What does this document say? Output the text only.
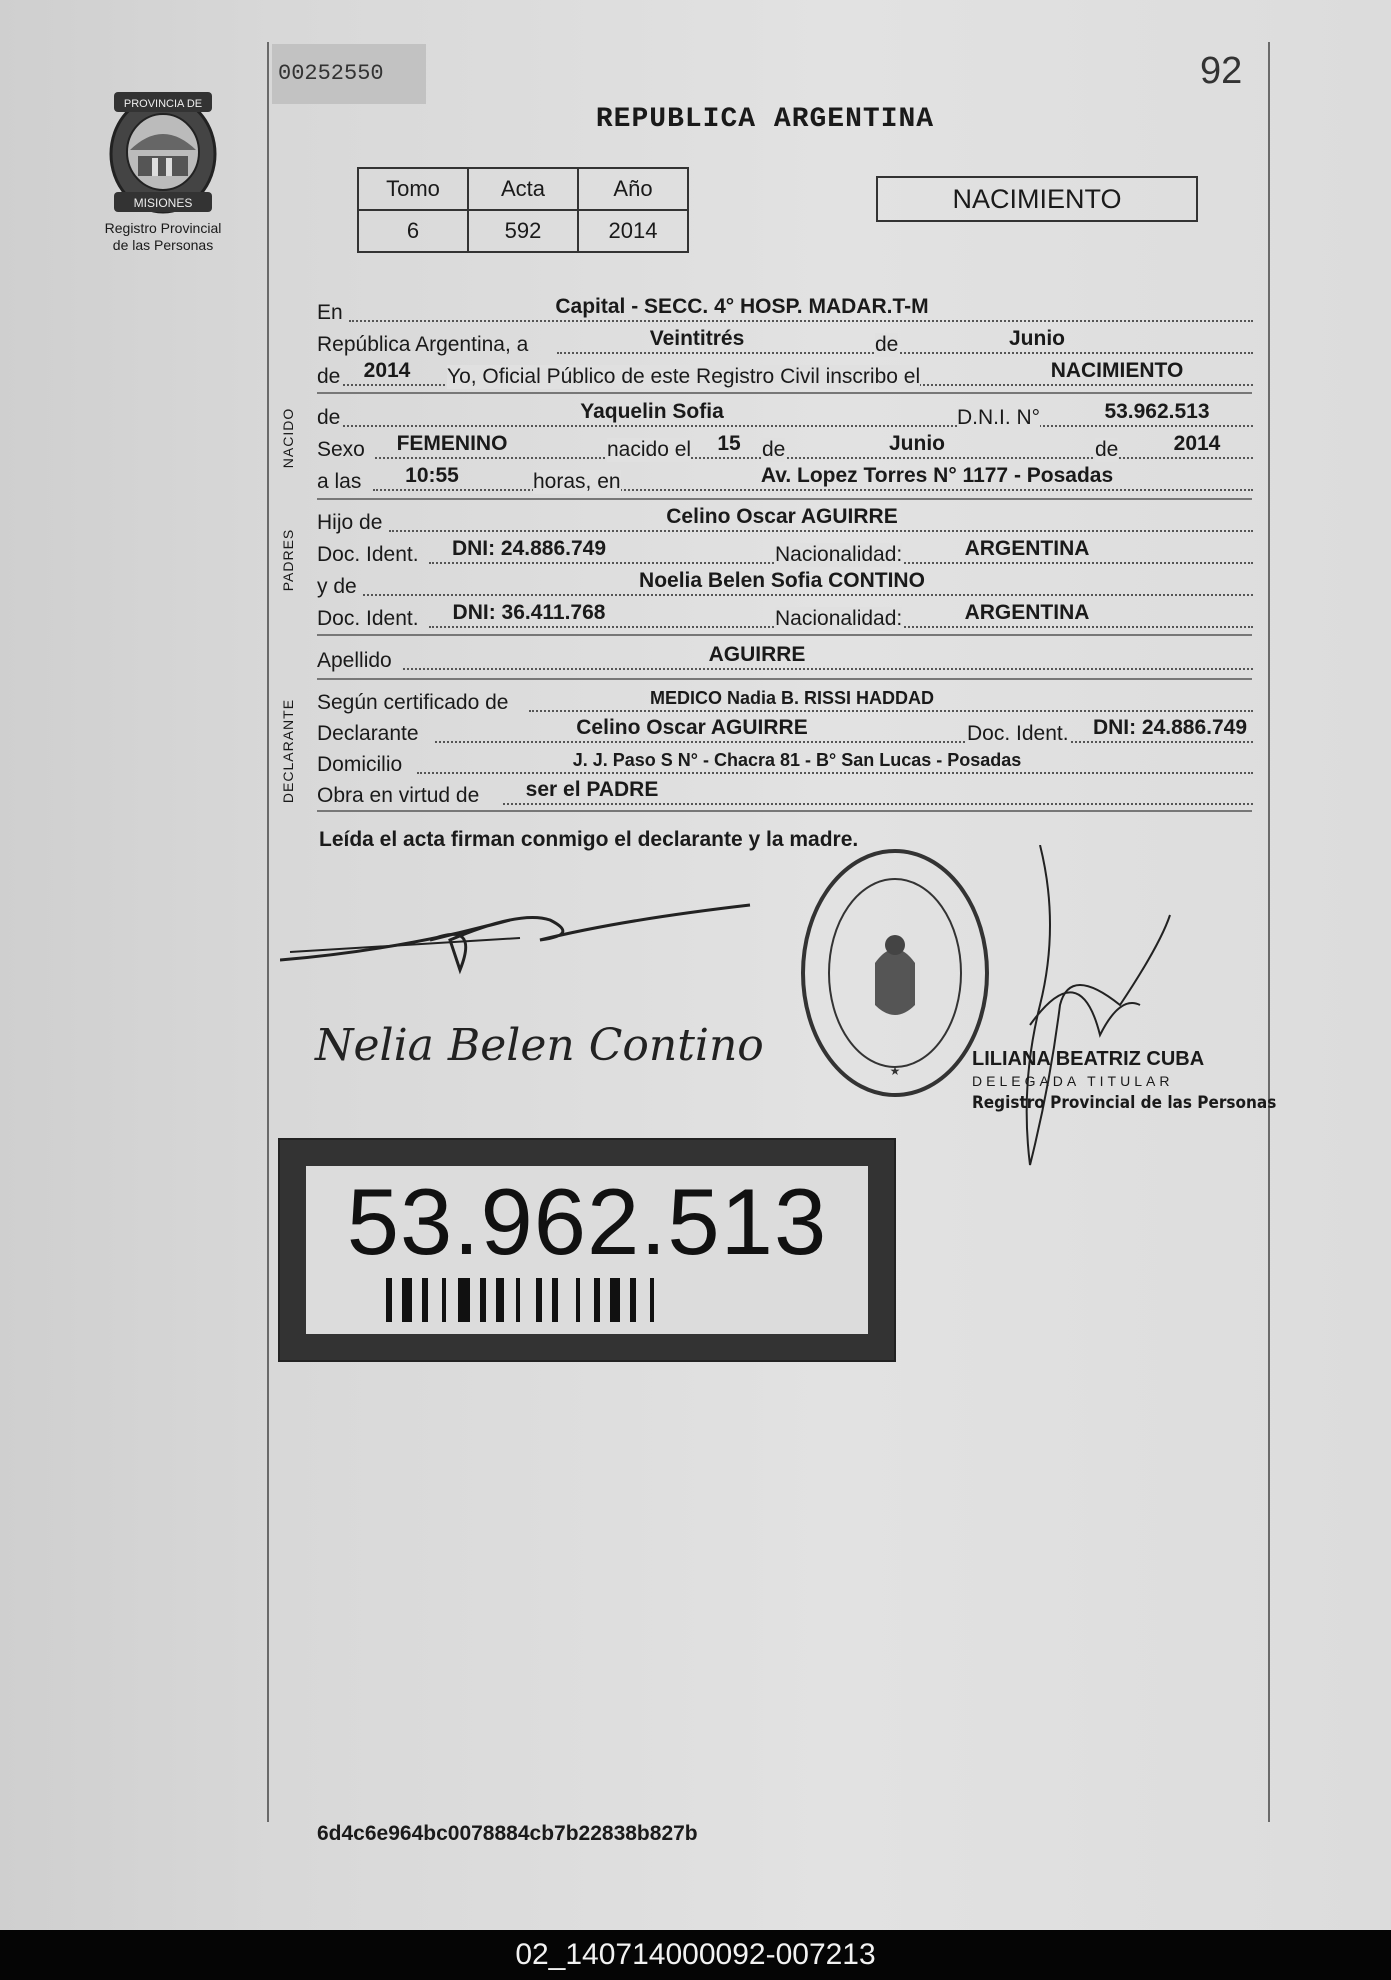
PROVINCIA DE
MISIONES
Registro Provincial
de las Personas
00252550	92
REPUBLICA ARGENTINA
Tomo	Acta	Año
6	592	2014
NACIMIENTO
En	Capital - SECC. 4° HOSP. MADAR.T-M
República Argentina, a	Veintitrés	de	Junio
de	2014	Yo, Oficial Público de este Registro Civil inscribo el	NACIMIENTO
NACIDO de	Yaquelin Sofia	D.N.I. N°	53.962.513
Sexo	FEMENINO	nacido el	15	de	Junio	de	2014
a las	10:55	horas, en	Av. Lopez Torres N° 1177 - Posadas
PADRES
Hijo de	Celino Oscar AGUIRRE
Doc. Ident.	DNI: 24.886.749	Nacionalidad:	ARGENTINA
y de	Noelia Belen Sofia CONTINO
Doc. Ident.	DNI: 36.411.768	Nacionalidad:	ARGENTINA
Apellido	AGUIRRE
DECLARANTE Según certificado de	MEDICO Nadia B. RISSI HADDAD
Declarante	Celino Oscar AGUIRRE	Doc. Ident.	DNI: 24.886.749
Domicilio	J. J. Paso S N° - Chacra 81 - B° San Lucas - Posadas
Obra en virtud de	ser el PADRE
Leída el acta firman conmigo el declarante y la madre.
Nelia Belen Contino	★
LILIANA BEATRIZ CUBA
DELEGADA TITULAR
Registro Provincial de las Personas
53.962.513
6d4c6e964bc0078884cb7b22838b827b
02_140714000092-007213
